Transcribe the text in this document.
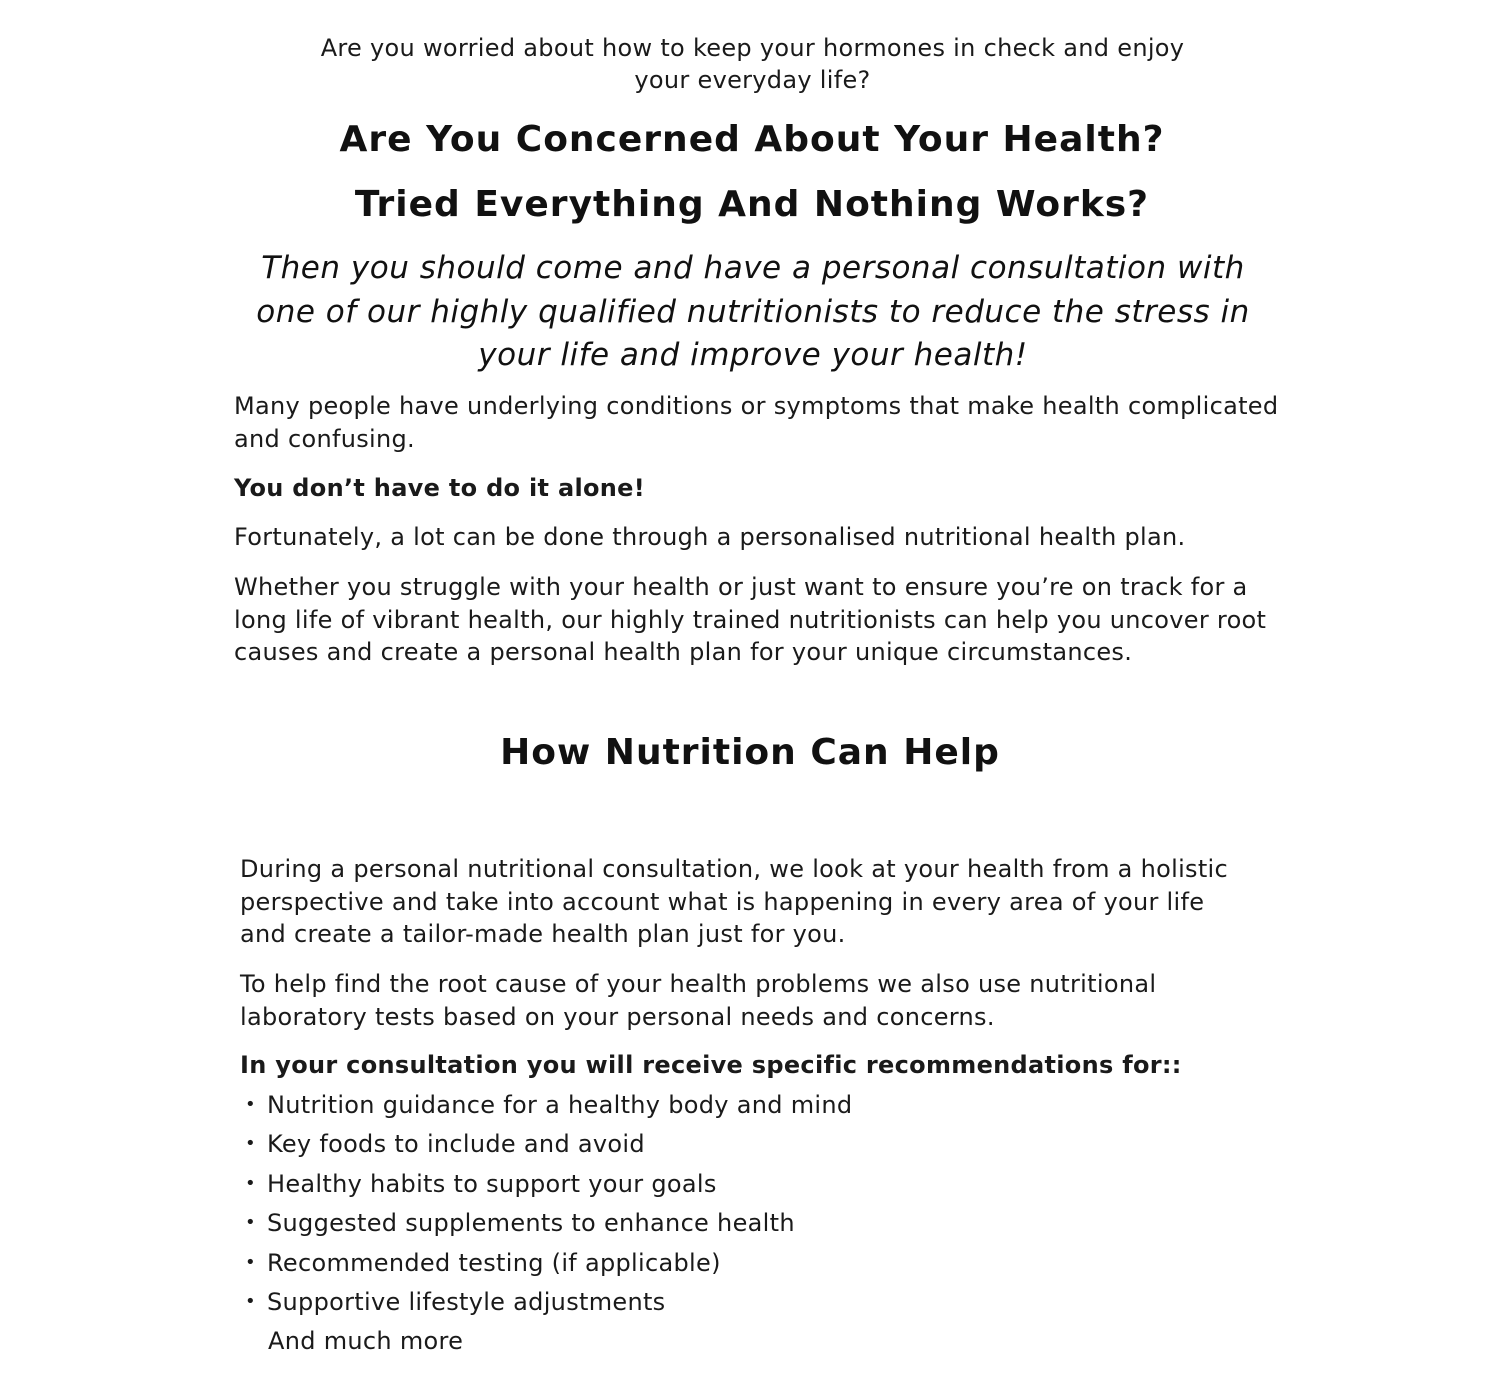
Are you worried about how to keep your hormones in check and enjoy your everyday life?

Are You Concerned About Your Health?
Tried Everything And Nothing Works?

Then you should come and have a personal consultation with one of our highly qualified nutritionists to reduce the stress in your life and improve your health!

Many people have underlying conditions or symptoms that make health complicated and confusing.

You don’t have to do it alone!

Fortunately, a lot can be done through a personalised nutritional health plan.

Whether you struggle with your health or just want to ensure you’re on track for a long life of vibrant health, our highly trained nutritionists can help you uncover root causes and create a personal health plan for your unique circumstances.

How Nutrition Can Help

During a personal nutritional consultation, we look at your health from a holistic perspective and take into account what is happening in every area of your life and create a tailor-made health plan just for you.

To help find the root cause of your health problems we also use nutritional laboratory tests based on your personal needs and concerns.

In your consultation you will receive specific recommendations for::

• Nutrition guidance for a healthy body and mind
• Key foods to include and avoid
• Healthy habits to support your goals
• Suggested supplements to enhance health
• Recommended testing (if applicable)
• Supportive lifestyle adjustments

And much more
